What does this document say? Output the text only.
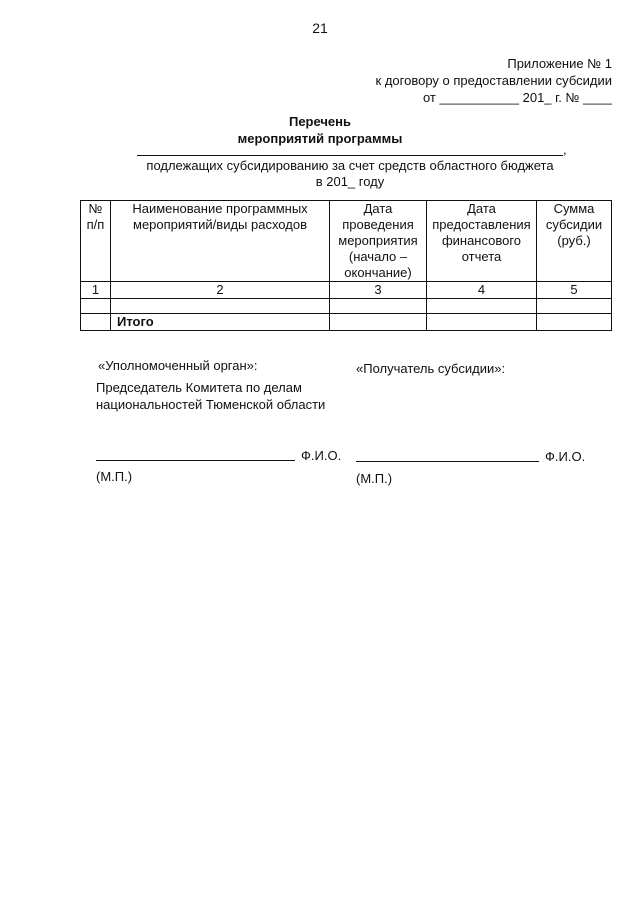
21
Приложение № 1
к договору о предоставлении субсидии
от ___________ 201_ г. № ____
Перечень
мероприятий программы
,
подлежащих субсидированию за счет средств областного бюджета
в 201_ году
№ п/п	Наименование программных мероприятий/виды расходов	Дата проведения мероприятия (начало – окончание)	Дата предоставления финансового отчета	Сумма субсидии (руб.)
1	2	3	4	5

	Итого			
«Уполномоченный орган»:
Председатель Комитета по делам национальностей Тюменской области
Ф.И.О.
(М.П.)
«Получатель субсидии»:
Ф.И.О.
(М.П.)
